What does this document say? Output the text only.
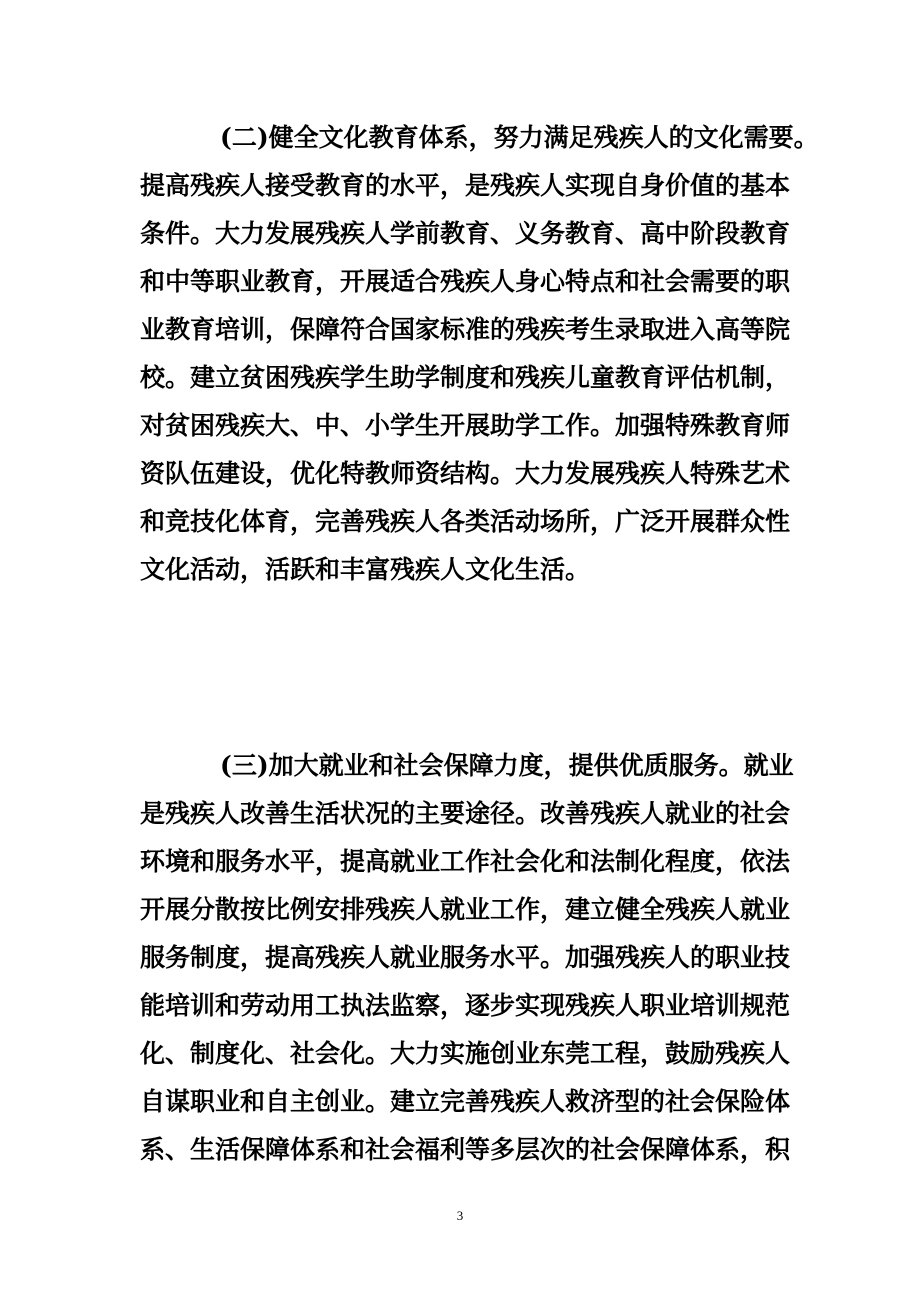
(二)健全文化教育体系，努力满足残疾人的文化需要。
提高残疾人接受教育的水平，是残疾人实现自身价值的基本
条件。大力发展残疾人学前教育、义务教育、高中阶段教育
和中等职业教育，开展适合残疾人身心特点和社会需要的职
业教育培训，保障符合国家标准的残疾考生录取进入高等院
校。建立贫困残疾学生助学制度和残疾儿童教育评估机制，
对贫困残疾大、中、小学生开展助学工作。加强特殊教育师
资队伍建设，优化特教师资结构。大力发展残疾人特殊艺术
和竞技化体育，完善残疾人各类活动场所，广泛开展群众性
文化活动，活跃和丰富残疾人文化生活。
(三)加大就业和社会保障力度，提供优质服务。就业
是残疾人改善生活状况的主要途径。改善残疾人就业的社会
环境和服务水平，提高就业工作社会化和法制化程度，依法
开展分散按比例安排残疾人就业工作，建立健全残疾人就业
服务制度，提高残疾人就业服务水平。加强残疾人的职业技
能培训和劳动用工执法监察，逐步实现残疾人职业培训规范
化、制度化、社会化。大力实施创业东莞工程，鼓励残疾人
自谋职业和自主创业。建立完善残疾人救济型的社会保险体
系、生活保障体系和社会福利等多层次的社会保障体系，积
3
